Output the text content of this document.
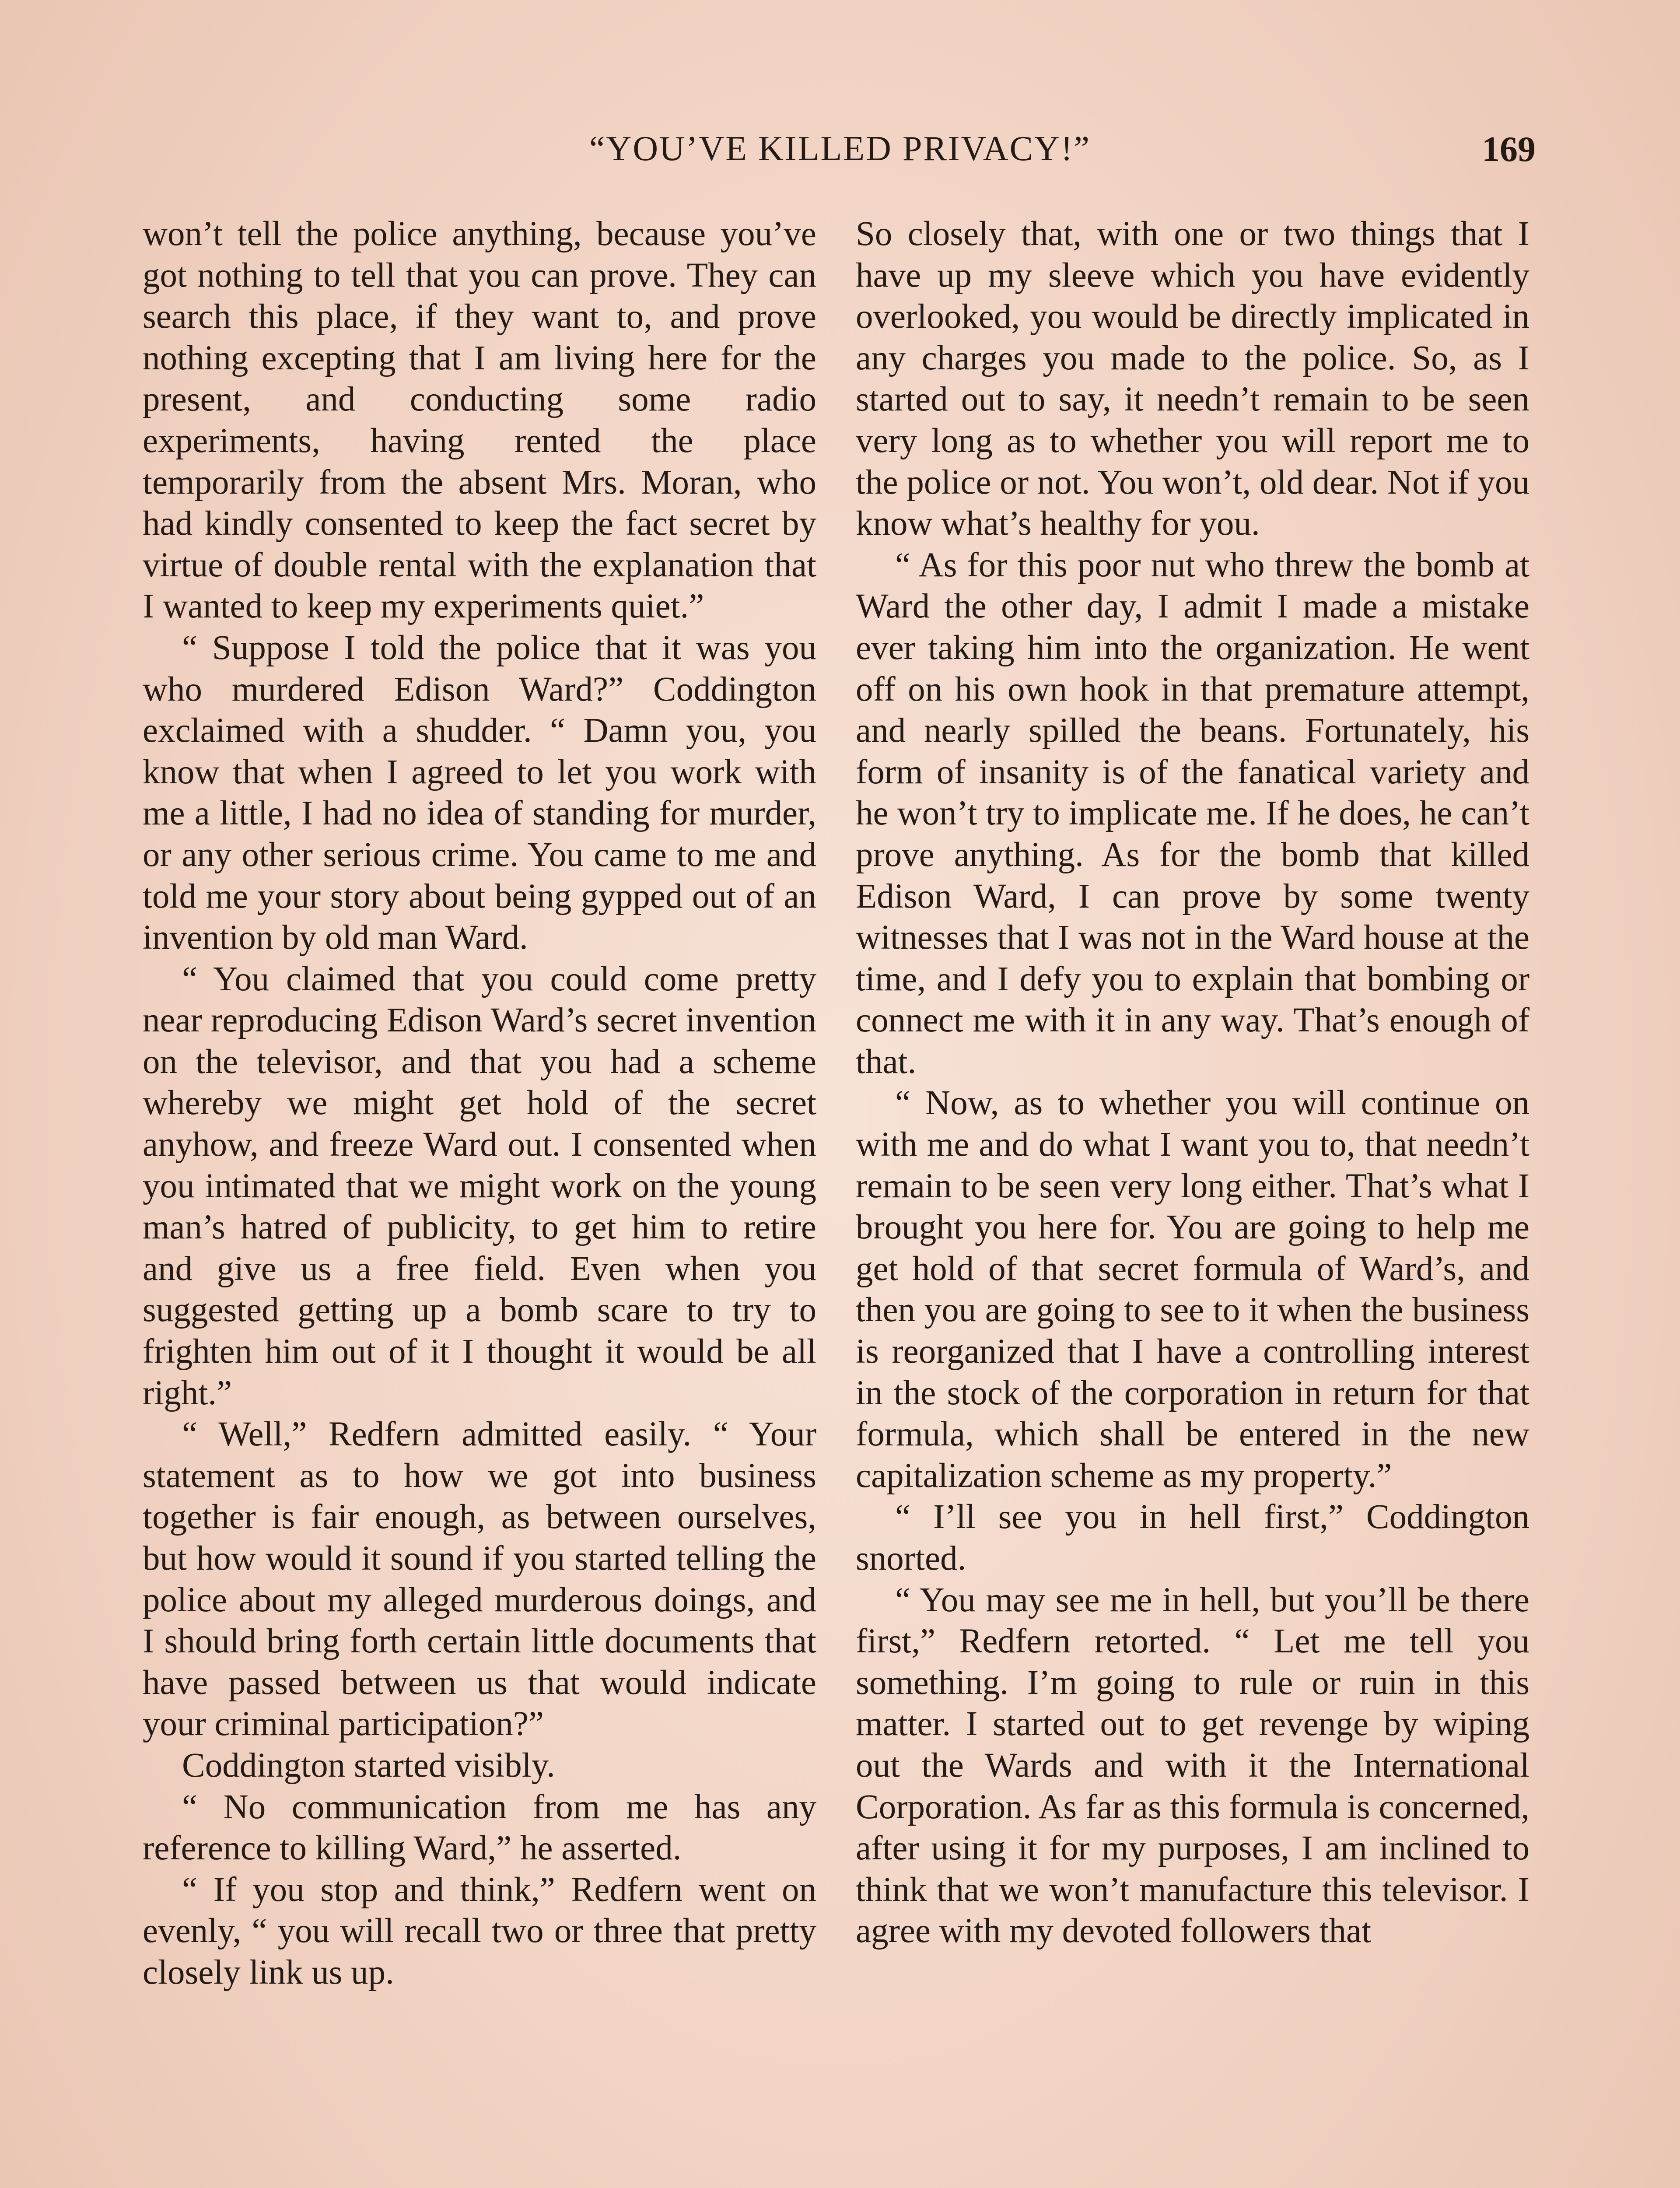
“YOU’VE KILLED PRIVACY!”	169

won’t tell the police anything, because you’ve got nothing to tell that you can prove. They can search this place, if they want to, and prove nothing excepting that I am living here for the present, and conducting some radio experiments, having rented the place temporarily from the absent Mrs. Moran, who had kindly consented to keep the fact secret by virtue of double rental with the explanation that I wanted to keep my experiments quiet.”

“ Suppose I told the police that it was you who murdered Edison Ward?” Coddington exclaimed with a shudder. “ Damn you, you know that when I agreed to let you work with me a little, I had no idea of standing for murder, or any other serious crime. You came to me and told me your story about being gypped out of an invention by old man Ward.

“ You claimed that you could come pretty near reproducing Edison Ward’s secret invention on the televisor, and that you had a scheme whereby we might get hold of the secret anyhow, and freeze Ward out. I consented when you intimated that we might work on the young man’s hatred of publicity, to get him to retire and give us a free field. Even when you suggested getting up a bomb scare to try to frighten him out of it I thought it would be all right.”

“ Well,” Redfern admitted easily. “ Your statement as to how we got into business together is fair enough, as between ourselves, but how would it sound if you started telling the police about my alleged murderous doings, and I should bring forth certain little documents that have passed between us that would indicate your criminal participation?”

Coddington started visibly.

“ No communication from me has any reference to killing Ward,” he asserted.

“ If you stop and think,” Redfern went on evenly, “ you will recall two or three that pretty closely link us up.

So closely that, with one or two things that I have up my sleeve which you have evidently overlooked, you would be directly implicated in any charges you made to the police. So, as I started out to say, it needn’t remain to be seen very long as to whether you will report me to the police or not. You won’t, old dear. Not if you know what’s healthy for you.

“ As for this poor nut who threw the bomb at Ward the other day, I admit I made a mistake ever taking him into the organization. He went off on his own hook in that premature attempt, and nearly spilled the beans. Fortunately, his form of insanity is of the fanatical variety and he won’t try to implicate me. If he does, he can’t prove anything. As for the bomb that killed Edison Ward, I can prove by some twenty witnesses that I was not in the Ward house at the time, and I defy you to explain that bombing or connect me with it in any way. That’s enough of that.

“ Now, as to whether you will continue on with me and do what I want you to, that needn’t remain to be seen very long either. That’s what I brought you here for. You are going to help me get hold of that secret formula of Ward’s, and then you are going to see to it when the business is reorganized that I have a controlling interest in the stock of the corporation in return for that formula, which shall be entered in the new capitalization scheme as my property.”

“ I’ll see you in hell first,” Coddington snorted.

“ You may see me in hell, but you’ll be there first,” Redfern retorted. “ Let me tell you something. I’m going to rule or ruin in this matter. I started out to get revenge by wiping out the Wards and with it the International Corporation. As far as this formula is concerned, after using it for my purposes, I am inclined to think that we won’t manufacture this televisor. I agree with my devoted followers that
